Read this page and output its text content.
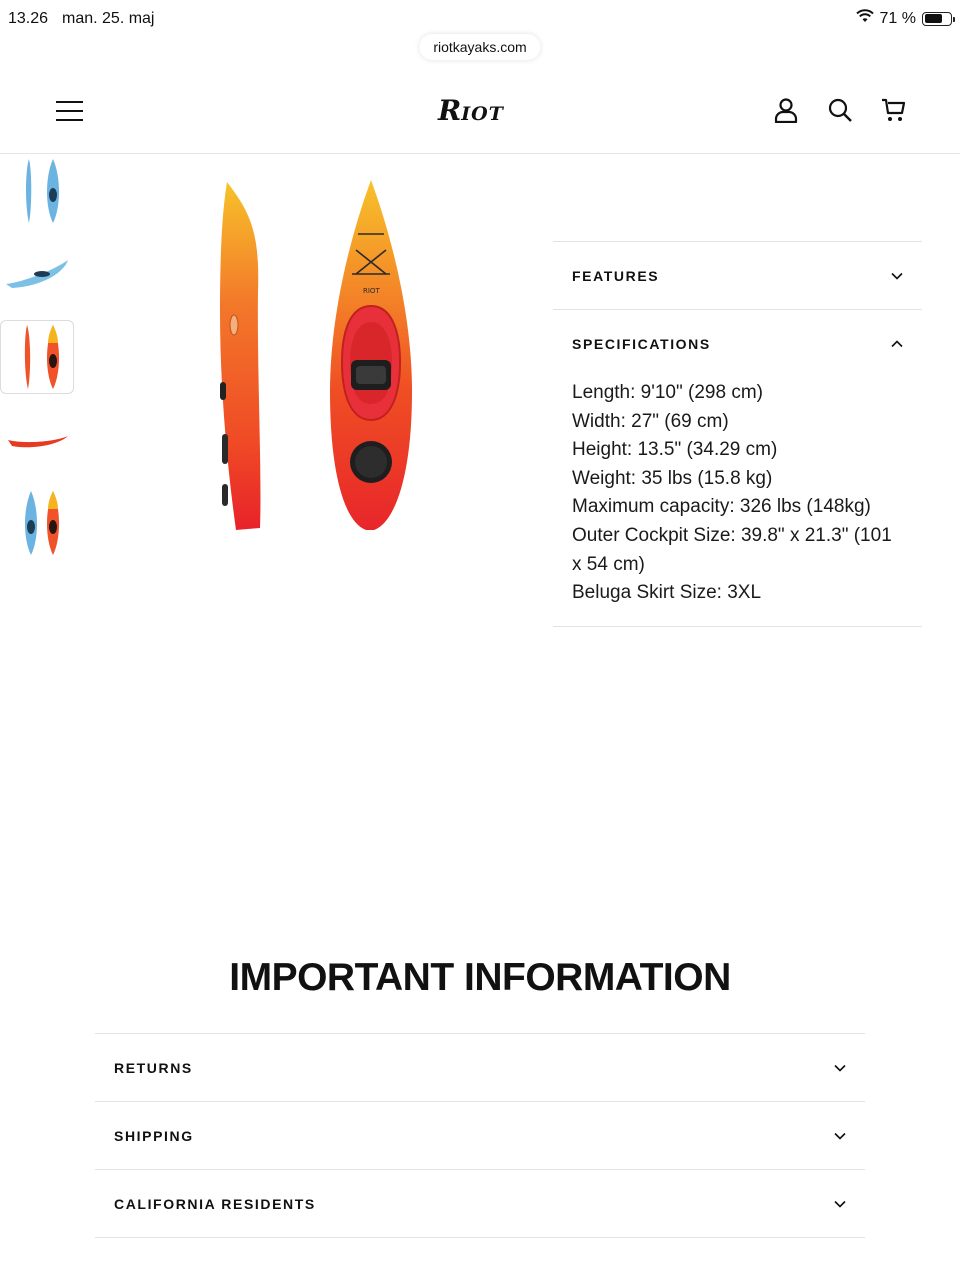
13.26 man. 25. maj	71 %
riotkayaks.com
RIOT
RIOT
FEATURES
SPECIFICATIONS
Length: 9'10" (298 cm)
Width: 27" (69 cm)
Height: 13.5" (34.29 cm)
Weight: 35 lbs (15.8 kg)
Maximum capacity: 326 lbs (148kg)
Outer Cockpit Size: 39.8" x 21.3" (101 x 54 cm)
Beluga Skirt Size: 3XL
IMPORTANT INFORMATION
RETURNS
SHIPPING
CALIFORNIA RESIDENTS
